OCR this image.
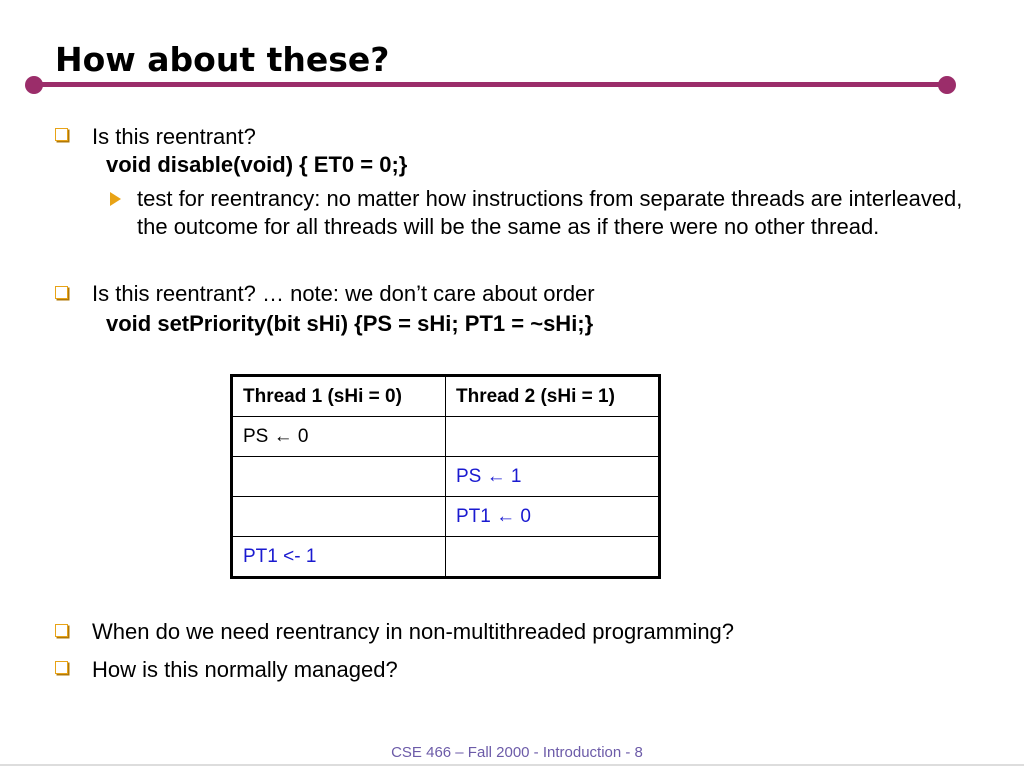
How about these?
Is this reentrant?
void disable(void) { ET0 = 0;}
test for reentrancy: no matter how instructions from separate threads are interleaved, the outcome for all threads will be the same as if there were no other thread.
Is this reentrant? … note: we don’t care about order
void setPriority(bit sHi) {PS = sHi; PT1 = ~sHi;}
Thread 1 (sHi = 0)	Thread 2 (sHi = 1)
PS ← 0	
	PS ← 1
	PT1 ← 0
PT1 <- 1	
When do we need reentrancy in non-multithreaded programming?
How is this normally managed?
CSE 466 – Fall 2000 - Introduction - 8
